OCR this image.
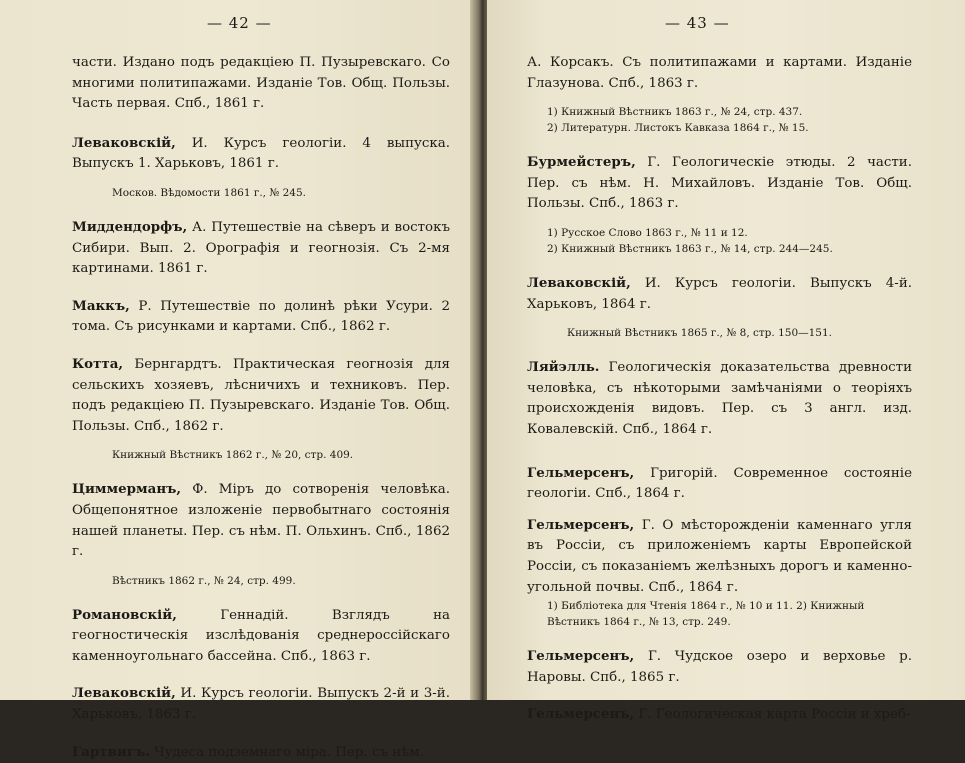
— 42 —

части. Издано подъ редакціею П. Пузыревскаго. Со многими политипажами. Изданіе Тов. Общ. Пользы. Часть первая. Спб., 1861 г.

Леваковскій, И. Курсъ геологіи. 4 выпуска. Выпускъ 1. Харьковъ, 1861 г.

Москов. Вѣдомости 1861 г., № 245.

Миддендорфъ, А. Путешествіе на сѣверъ и востокъ Сибири. Вып. 2. Орографія и геогнозія. Съ 2-мя картинами. 1861 г.

Маккъ, Р. Путешествіе по долинѣ рѣки Усури. 2 тома. Съ рисунками и картами. Спб., 1862 г.

Котта, Бернгардтъ. Практическая геогнозія для сельскихъ хозяевъ, лѣсничихъ и техниковъ. Пер. подъ редакціею П. Пузыревскаго. Изданіе Тов. Общ. Пользы. Спб., 1862 г.

Книжный Вѣстникъ 1862 г., № 20, стр. 409.

Циммерманъ, Ф. Міръ до сотворенія человѣка. Общепонятное изложеніе первобытнаго состоянія нашей планеты. Пер. съ нѣм. П. Ольхинъ. Спб., 1862 г.

Вѣстникъ 1862 г., № 24, стр. 499.

Романовскій,	Геннадій. Взглядъ на геогностическія изслѣдованія среднероссійскаго каменноугольнаго бассейна. Спб., 1863 г.

Леваковскій, И. Курсъ геологіи. Выпускъ 2-й и 3-й. Харьковъ, 1863 г.

Гартвигъ. Чудеса подземнаго міра. Пер. съ нѣм.

— 43 —

А. Корсакъ. Съ политипажами и картами. Изданіе Глазунова. Спб., 1863 г.

1) Книжный Вѣстникъ 1863 г., № 24, стр. 437.

2) Литературн. Листокъ Кавказа 1864 г., № 15.

Бурмейстеръ, Г. Геологическіе этюды. 2 части. Пер. съ нѣм. Н. Михайловъ. Изданіе Тов. Общ. Пользы. Спб., 1863 г.

1) Русское Слово 1863 г., № 11 и 12.

2) Книжный Вѣстникъ 1863 г., № 14, стр. 244—245.

Леваковскій, И. Курсъ геологіи. Выпускъ 4-й. Харьковъ, 1864 г.

Книжный Вѣстникъ 1865 г., № 8, стр. 150—151.

Ляйэлль. Геологическія доказательства древности человѣка, съ нѣкоторыми замѣчаніями о теоріяхъ происхожденія видовъ. Пер. съ 3 англ. изд. Ковалевскій. Спб., 1864 г.

Гельмерсенъ, Григорій. Современное состояніе геологіи. Спб., 1864 г.

Гельмерсенъ, Г. О мѣсторожденіи каменнаго угля въ Россіи, съ приложеніемъ карты Европейской Россіи, съ показаніемъ желѣзныхъ дорогъ и каменно-угольной почвы. Спб., 1864 г.

1) Библіотека для Чтенія 1864 г., № 10 и 11. 2) Книжный Вѣстникъ 1864 г., № 13, стр. 249.

Гельмерсенъ, Г. Чудское озеро и верховье р. Наровы. Спб., 1865 г.

Гельмерсенъ, Г. Геологическая карта Россіи и хреб-
